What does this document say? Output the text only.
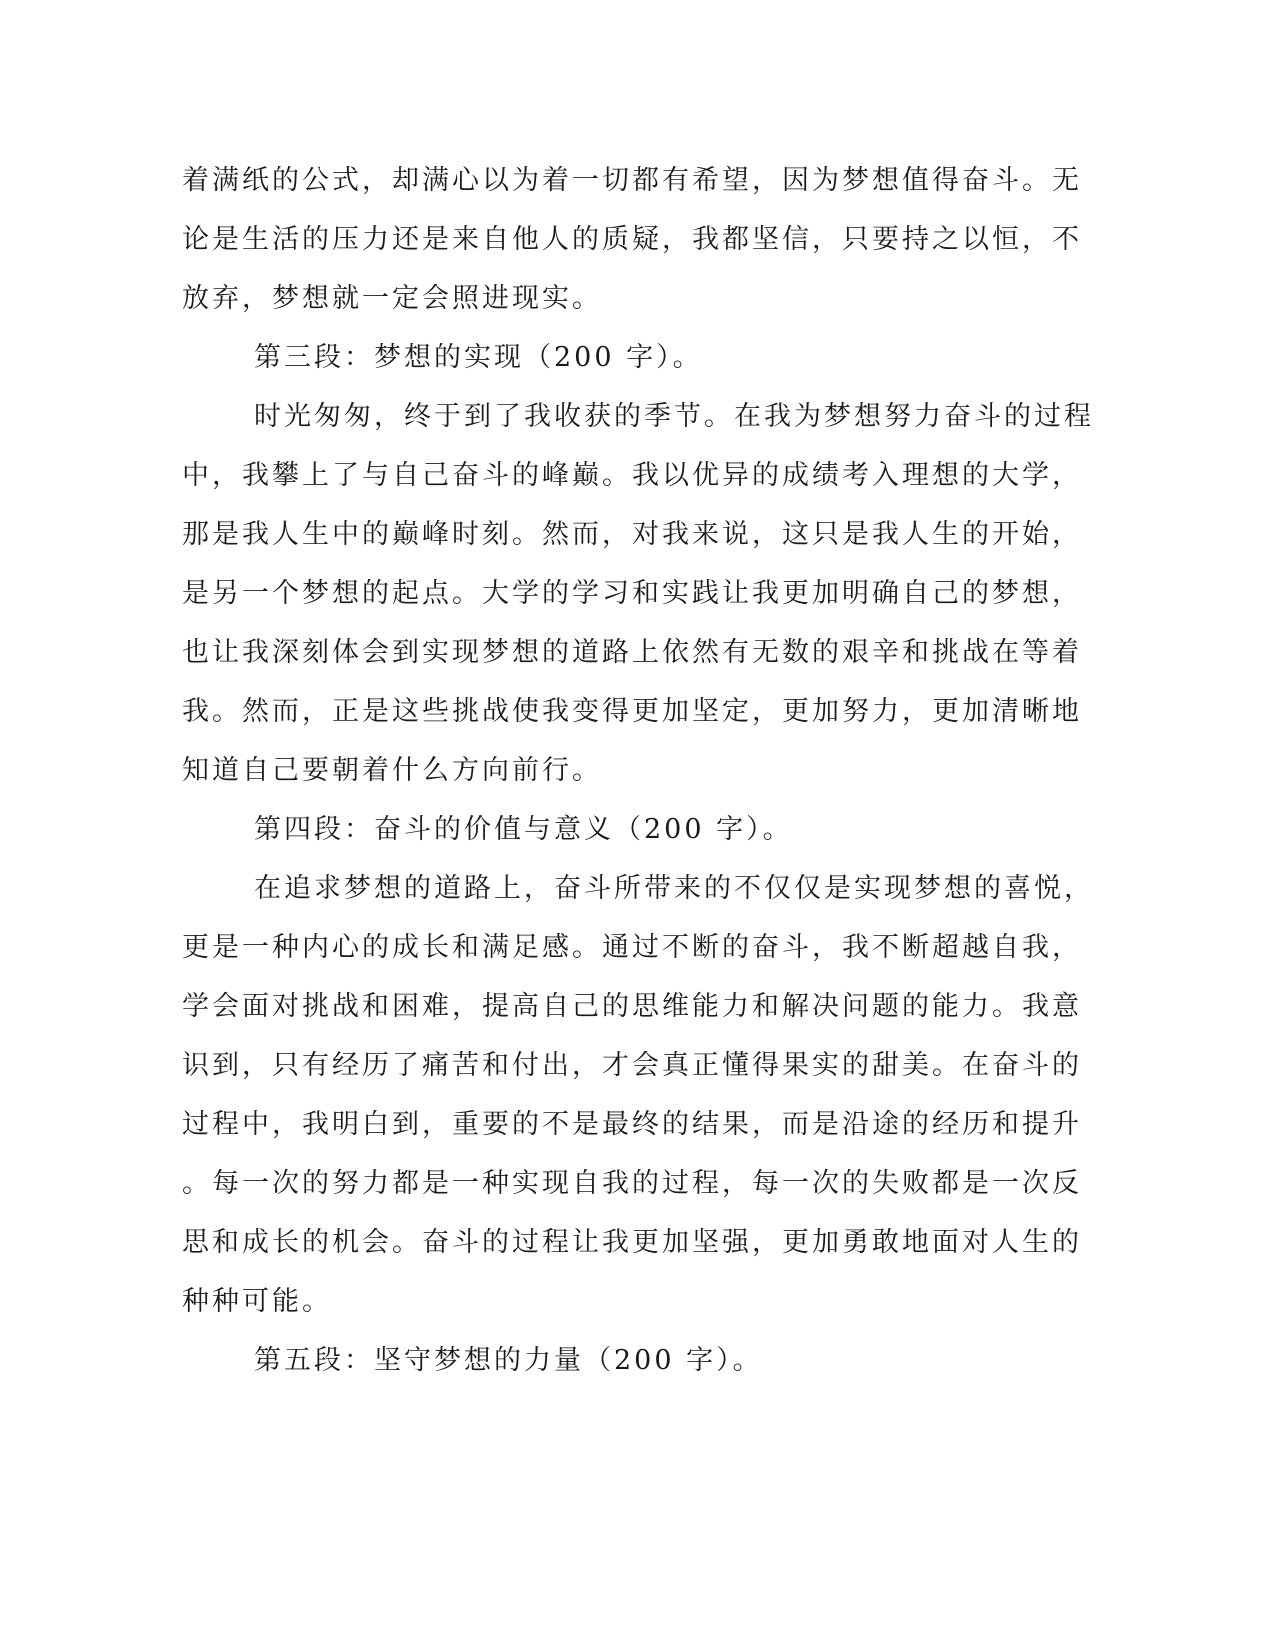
着满纸的公式，却满心以为着一切都有希望，因为梦想值得奋斗。无
论是生活的压力还是来自他人的质疑，我都坚信，只要持之以恒，不
放弃，梦想就一定会照进现实。
第三段：梦想的实现（200 字）。
时光匆匆，终于到了我收获的季节。在我为梦想努力奋斗的过程
中，我攀上了与自己奋斗的峰巅。我以优异的成绩考入理想的大学，
那是我人生中的巅峰时刻。然而，对我来说，这只是我人生的开始，
是另一个梦想的起点。大学的学习和实践让我更加明确自己的梦想，
也让我深刻体会到实现梦想的道路上依然有无数的艰辛和挑战在等着
我。然而，正是这些挑战使我变得更加坚定，更加努力，更加清晰地
知道自己要朝着什么方向前行。
第四段：奋斗的价值与意义（200 字）。
在追求梦想的道路上，奋斗所带来的不仅仅是实现梦想的喜悦，
更是一种内心的成长和满足感。通过不断的奋斗，我不断超越自我，
学会面对挑战和困难，提高自己的思维能力和解决问题的能力。我意
识到，只有经历了痛苦和付出，才会真正懂得果实的甜美。在奋斗的
过程中，我明白到，重要的不是最终的结果，而是沿途的经历和提升
。每一次的努力都是一种实现自我的过程，每一次的失败都是一次反
思和成长的机会。奋斗的过程让我更加坚强，更加勇敢地面对人生的
种种可能。
第五段：坚守梦想的力量（200 字）。
